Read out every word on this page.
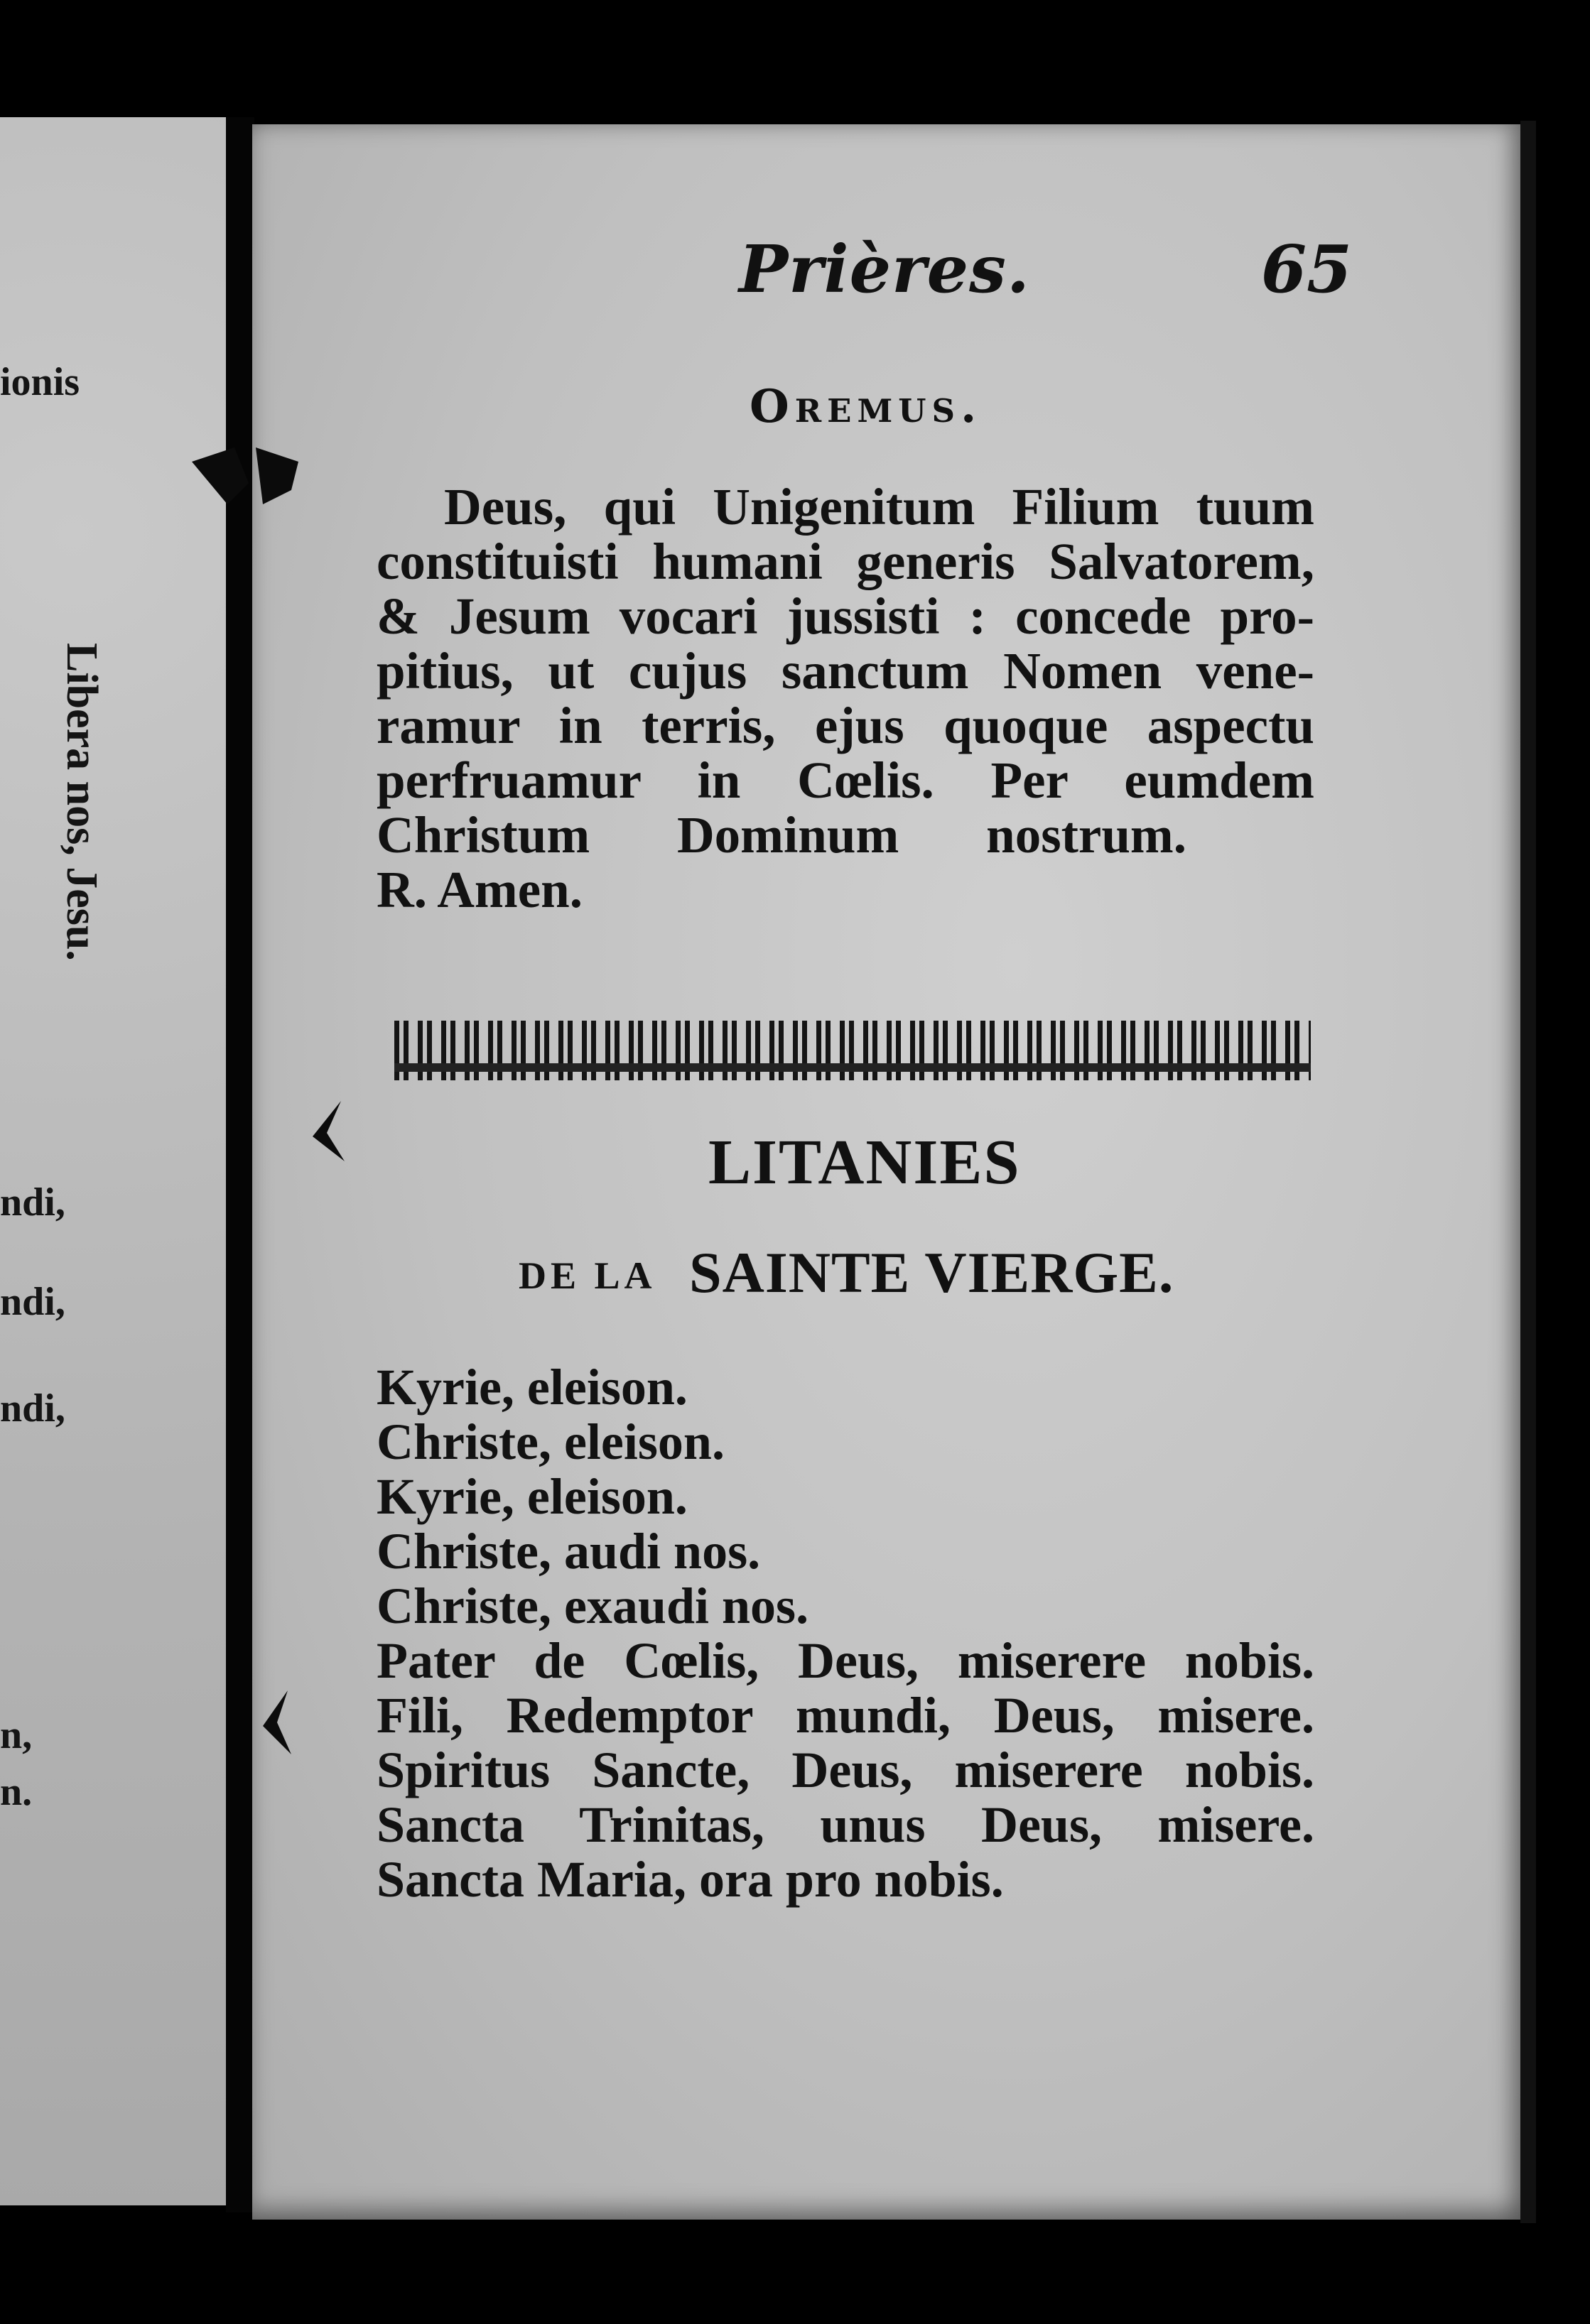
ionis
ndi,
ndi,
ndi,
n,
n.
Libera nos, Jesu.
Prières.	65
Oremus.
Deus, qui Unigenitum Filium tuum
constituisti humani generis Salvatorem,
& Jesum vocari jussisti : concede pro-
pitius, ut cujus sanctum Nomen vene-
ramur in terris, ejus quoque aspectu
perfruamur in Cœlis. Per eumdem
Christum Dominum nostrum.
R. Amen.
LITANIES
DE LA SAINTE VIERGE.
Kyrie, eleison.
Christe, eleison.
Kyrie, eleison.
Christe, audi nos.
Christe, exaudi nos.
Pater de Cœlis, Deus, miserere nobis.
Fili, Redemptor mundi, Deus, misere.
Spiritus Sancte, Deus, miserere nobis.
Sancta Trinitas, unus Deus, misere.
Sancta Maria, ora pro nobis.
